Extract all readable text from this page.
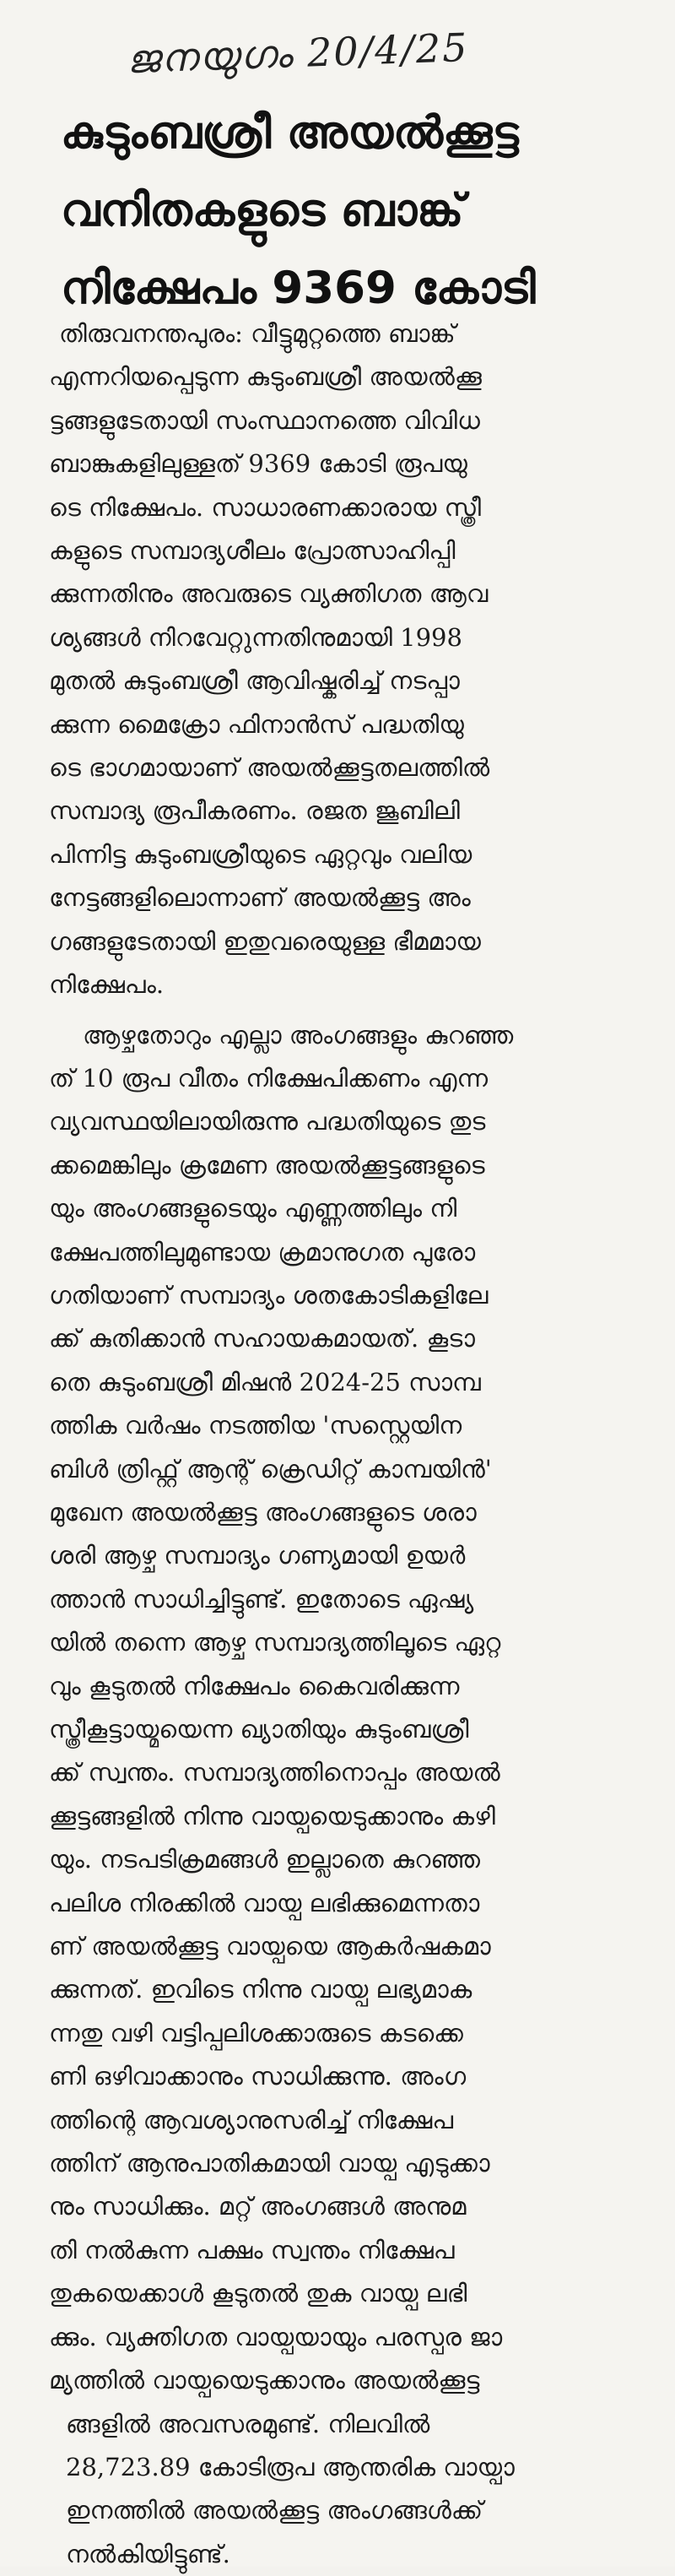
ജനയുഗം 20/4/25
കുടുംബശ്രീ അയൽക്കൂട്ട
വനിതകളുടെ ബാങ്ക്
നിക്ഷേപം 9369 കോടി
തിരുവനന്തപുരം: വീട്ടുമുറ്റത്തെ ബാങ്ക്
എന്നറിയപ്പെടുന്ന കുടുംബശ്രീ അയൽക്കൂ
ട്ടങ്ങളുടേതായി സംസ്ഥാനത്തെ വിവിധ
ബാങ്കുകളിലുള്ളത് 9369 കോടി രൂപയു
ടെ നിക്ഷേപം. സാധാരണക്കാരായ സ്ത്രീ
കളുടെ സമ്പാദ്യശീലം പ്രോത്സാഹിപ്പി
ക്കുന്നതിനും അവരുടെ വ്യക്തിഗത ആവ
ശ്യങ്ങൾ നിറവേറ്റുന്നതിനുമായി 1998
മുതൽ കുടുംബശ്രീ ആവിഷ്കരിച്ച് നടപ്പാ
ക്കുന്ന മൈക്രോ ഫിനാൻസ് പദ്ധതിയു
ടെ ഭാഗമായാണ് അയൽക്കൂട്ടതലത്തിൽ
സമ്പാദ്യ രൂപീകരണം. രജത ജൂബിലി
പിന്നിട്ട കുടുംബശ്രീയുടെ ഏറ്റവും വലിയ
നേട്ടങ്ങളിലൊന്നാണ് അയൽക്കൂട്ട അം
ഗങ്ങളുടേതായി ഇതുവരെയുള്ള ഭീമമായ
നിക്ഷേപം.
ആഴ്ചതോറും എല്ലാ അംഗങ്ങളും കുറഞ്ഞ
ത് 10 രൂപ വീതം നിക്ഷേപിക്കണം എന്ന
വ്യവസ്ഥയിലായിരുന്നു പദ്ധതിയുടെ തുട
ക്കമെങ്കിലും ക്രമേണ അയൽക്കൂട്ടങ്ങളുടെ
യും അംഗങ്ങളുടെയും എണ്ണത്തിലും നി
ക്ഷേപത്തിലുമുണ്ടായ ക്രമാനുഗത പുരോ
ഗതിയാണ് സമ്പാദ്യം ശതകോടികളിലേ
ക്ക് കുതിക്കാൻ സഹായകമായത്. കൂടാ
തെ കുടുംബശ്രീ മിഷൻ 2024-25 സാമ്പ
ത്തിക വർഷം നടത്തിയ 'സസ്റ്റെയിന
ബിൾ ത്രിഫ്റ്റ് ആന്റ് ക്രെഡിറ്റ് കാമ്പയിൻ'
മുഖേന അയൽക്കൂട്ട അംഗങ്ങളുടെ ശരാ
ശരി ആഴ്ച സമ്പാദ്യം ഗണ്യമായി ഉയർ
ത്താൻ സാധിച്ചിട്ടുണ്ട്. ഇതോടെ ഏഷ്യ
യിൽ തന്നെ ആഴ്ച സമ്പാദ്യത്തിലൂടെ ഏറ്റ
വും കൂടുതൽ നിക്ഷേപം കൈവരിക്കുന്ന
സ്ത്രീകൂട്ടായ്മയെന്ന ഖ്യാതിയും കുടുംബശ്രീ
ക്ക് സ്വന്തം. സമ്പാദ്യത്തിനൊപ്പം അയൽ
ക്കൂട്ടങ്ങളിൽ നിന്നു വായ്പയെടുക്കാനും കഴി
യും. നടപടിക്രമങ്ങൾ ഇല്ലാതെ കുറഞ്ഞ
പലിശ നിരക്കിൽ വായ്പ ലഭിക്കുമെന്നതാ
ണ് അയൽക്കൂട്ട വായ്പയെ ആകർഷകമാ
ക്കുന്നത്. ഇവിടെ നിന്നു വായ്പ ലഭ്യമാക
ന്നതു വഴി വട്ടിപ്പലിശക്കാരുടെ കടക്കെ
ണി ഒഴിവാക്കാനും സാധിക്കുന്നു. അംഗ
ത്തിന്റെ ആവശ്യാനുസരിച്ച് നിക്ഷേപ
ത്തിന് ആനുപാതികമായി വായ്പ എടുക്കാ
നും സാധിക്കും. മറ്റ് അംഗങ്ങൾ അനുമ
തി നൽകുന്ന പക്ഷം സ്വന്തം നിക്ഷേപ
തുകയെക്കാൾ കൂടുതൽ തുക വായ്പ ലഭി
ക്കും. വ്യക്തിഗത വായ്പയായും പരസ്പര ജാ
മ്യത്തിൽ വായ്പയെടുക്കാനും അയൽക്കൂട്ട
ങ്ങളിൽ അവസരമുണ്ട്. നിലവിൽ
28,723.89 കോടിരൂപ ആന്തരിക വായ്പാ
ഇനത്തിൽ അയൽക്കൂട്ട അംഗങ്ങൾക്ക്
നൽകിയിട്ടുണ്ട്.
